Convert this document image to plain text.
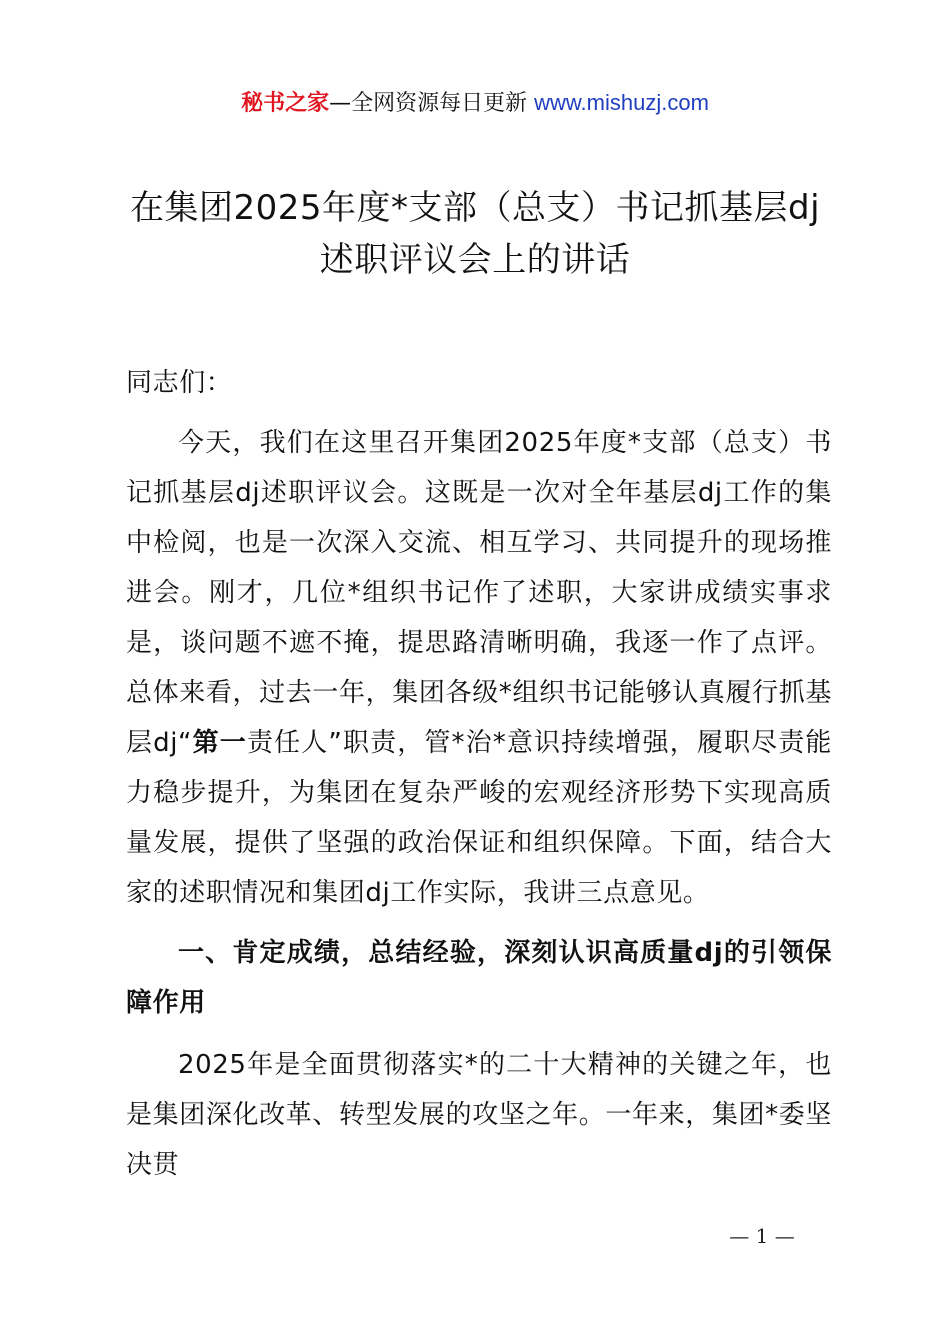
秘书之家—全网资源每日更新 www.mishuzj.com
在集团2025年度*支部（总支）书记抓基层dj
述职评议会上的讲话
同志们：
今天，我们在这里召开集团2025年度*支部（总支）书记抓基层dj述职评议会。这既是一次对全年基层dj工作的集中检阅，也是一次深入交流、相互学习、共同提升的现场推进会。刚才，几位*组织书记作了述职，大家讲成绩实事求是，谈问题不遮不掩，提思路清晰明确，我逐一作了点评。总体来看，过去一年，集团各级*组织书记能够认真履行抓基层dj“第一责任人”职责，管*治*意识持续增强，履职尽责能力稳步提升，为集团在复杂严峻的宏观经济形势下实现高质量发展，提供了坚强的政治保证和组织保障。下面，结合大家的述职情况和集团dj工作实际，我讲三点意见。
一、肯定成绩，总结经验，深刻认识高质量dj的引领保障作用
2025年是全面贯彻落实*的二十大精神的关键之年，也是集团深化改革、转型发展的攻坚之年。一年来，集团*委坚决贯
— 1 —
